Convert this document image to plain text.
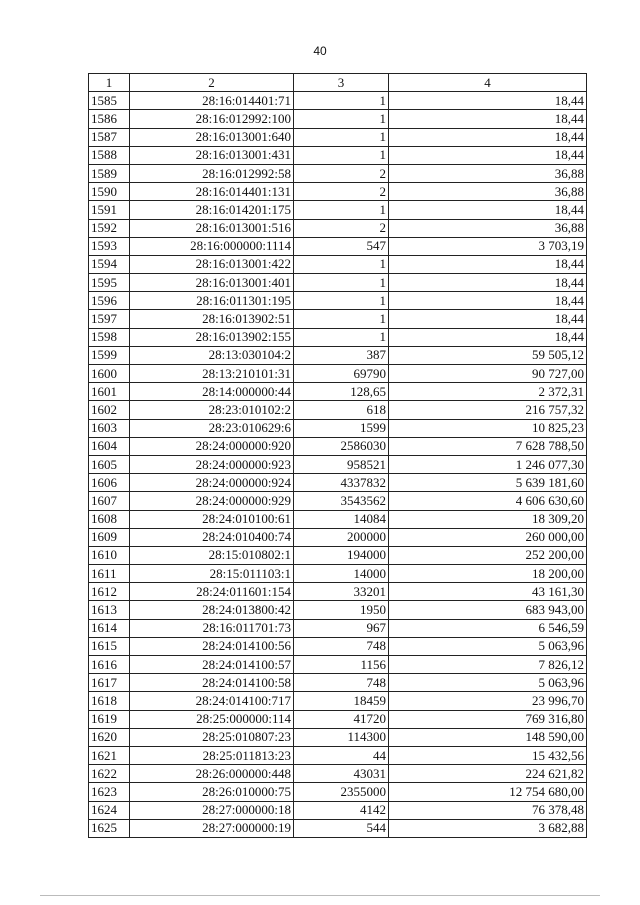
40
1	2	3	4
1585	28:16:014401:71	1	18,44
1586	28:16:012992:100	1	18,44
1587	28:16:013001:640	1	18,44
1588	28:16:013001:431	1	18,44
1589	28:16:012992:58	2	36,88
1590	28:16:014401:131	2	36,88
1591	28:16:014201:175	1	18,44
1592	28:16:013001:516	2	36,88
1593	28:16:000000:1114	547	3 703,19
1594	28:16:013001:422	1	18,44
1595	28:16:013001:401	1	18,44
1596	28:16:011301:195	1	18,44
1597	28:16:013902:51	1	18,44
1598	28:16:013902:155	1	18,44
1599	28:13:030104:2	387	59 505,12
1600	28:13:210101:31	69790	90 727,00
1601	28:14:000000:44	128,65	2 372,31
1602	28:23:010102:2	618	216 757,32
1603	28:23:010629:6	1599	10 825,23
1604	28:24:000000:920	2586030	7 628 788,50
1605	28:24:000000:923	958521	1 246 077,30
1606	28:24:000000:924	4337832	5 639 181,60
1607	28:24:000000:929	3543562	4 606 630,60
1608	28:24:010100:61	14084	18 309,20
1609	28:24:010400:74	200000	260 000,00
1610	28:15:010802:1	194000	252 200,00
1611	28:15:011103:1	14000	18 200,00
1612	28:24:011601:154	33201	43 161,30
1613	28:24:013800:42	1950	683 943,00
1614	28:16:011701:73	967	6 546,59
1615	28:24:014100:56	748	5 063,96
1616	28:24:014100:57	1156	7 826,12
1617	28:24:014100:58	748	5 063,96
1618	28:24:014100:717	18459	23 996,70
1619	28:25:000000:114	41720	769 316,80
1620	28:25:010807:23	114300	148 590,00
1621	28:25:011813:23	44	15 432,56
1622	28:26:000000:448	43031	224 621,82
1623	28:26:010000:75	2355000	12 754 680,00
1624	28:27:000000:18	4142	76 378,48
1625	28:27:000000:19	544	3 682,88
